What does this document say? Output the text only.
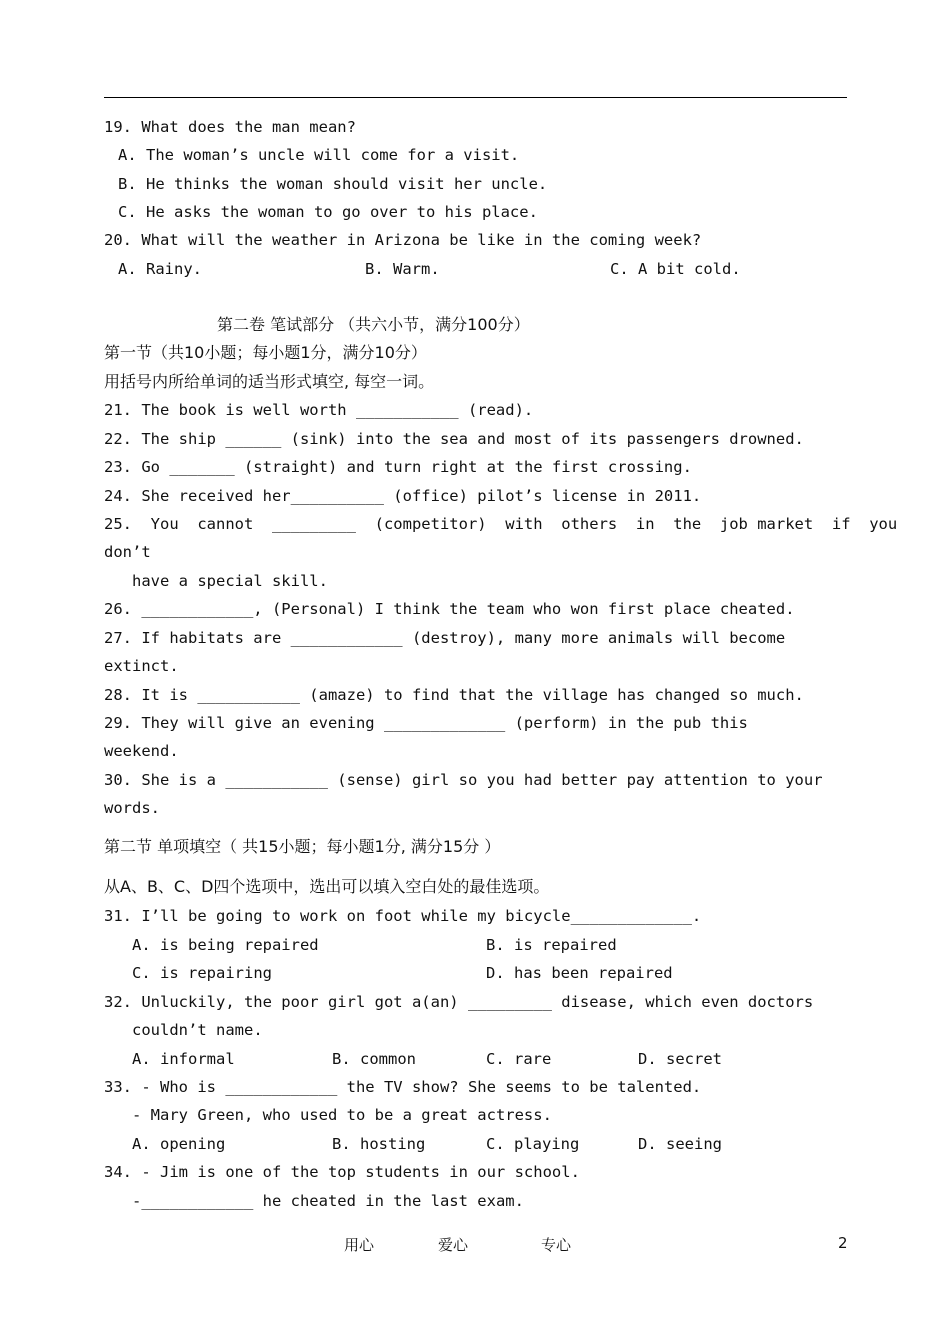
19. What does the man mean?
A. The woman’s uncle will come for a visit.
B. He thinks the woman should visit her uncle.
C. He asks the woman to go over to his place.
20. What will the weather in Arizona be like in the coming week?
A. Rainy.	B. Warm.	C. A bit cold.
第二卷 笔试部分 （共六小节，满分100分）
第一节（共10小题；每小题1分，满分10分）
用括号内所给单词的适当形式填空, 每空一词。
21. The book is well worth ___________ (read).
22. The ship ______ (sink) into the sea and most of its passengers drowned.
23. Go _______ (straight) and turn right at the first crossing.
24. She received her__________ (office) pilot’s license in 2011.
25.  You  cannot  _________  (competitor)  with  others  in  the  job market  if  you
don’t
have a special skill.
26. ____________, (Personal) I think the team who won first place cheated.
27. If habitats are ____________ (destroy), many more animals will become
extinct.
28. It is ___________ (amaze) to find that the village has changed so much.
29. They will give an evening _____________ (perform) in the pub this
weekend.
30. She is a ___________ (sense) girl so you had better pay attention to your
words.
第二节 单项填空（ 共15小题；每小题1分, 满分15分 ）
从A、B、C、D四个选项中，选出可以填入空白处的最佳选项。
31. I’ll be going to work on foot while my bicycle_____________.
A. is being repaired	B. is repaired
C. is repairing	D. has been repaired
32. Unluckily, the poor girl got a(an) _________ disease, which even doctors
couldn’t name.
A. informal	B. common	C. rare	D. secret
33. - Who is ____________ the TV show? She seems to be talented.
- Mary Green, who used to be a great actress.
A. opening	B. hosting	C. playing	D. seeing
34. - Jim is one of the top students in our school.
-____________ he cheated in the last exam.
用心	爱心	专心	2
